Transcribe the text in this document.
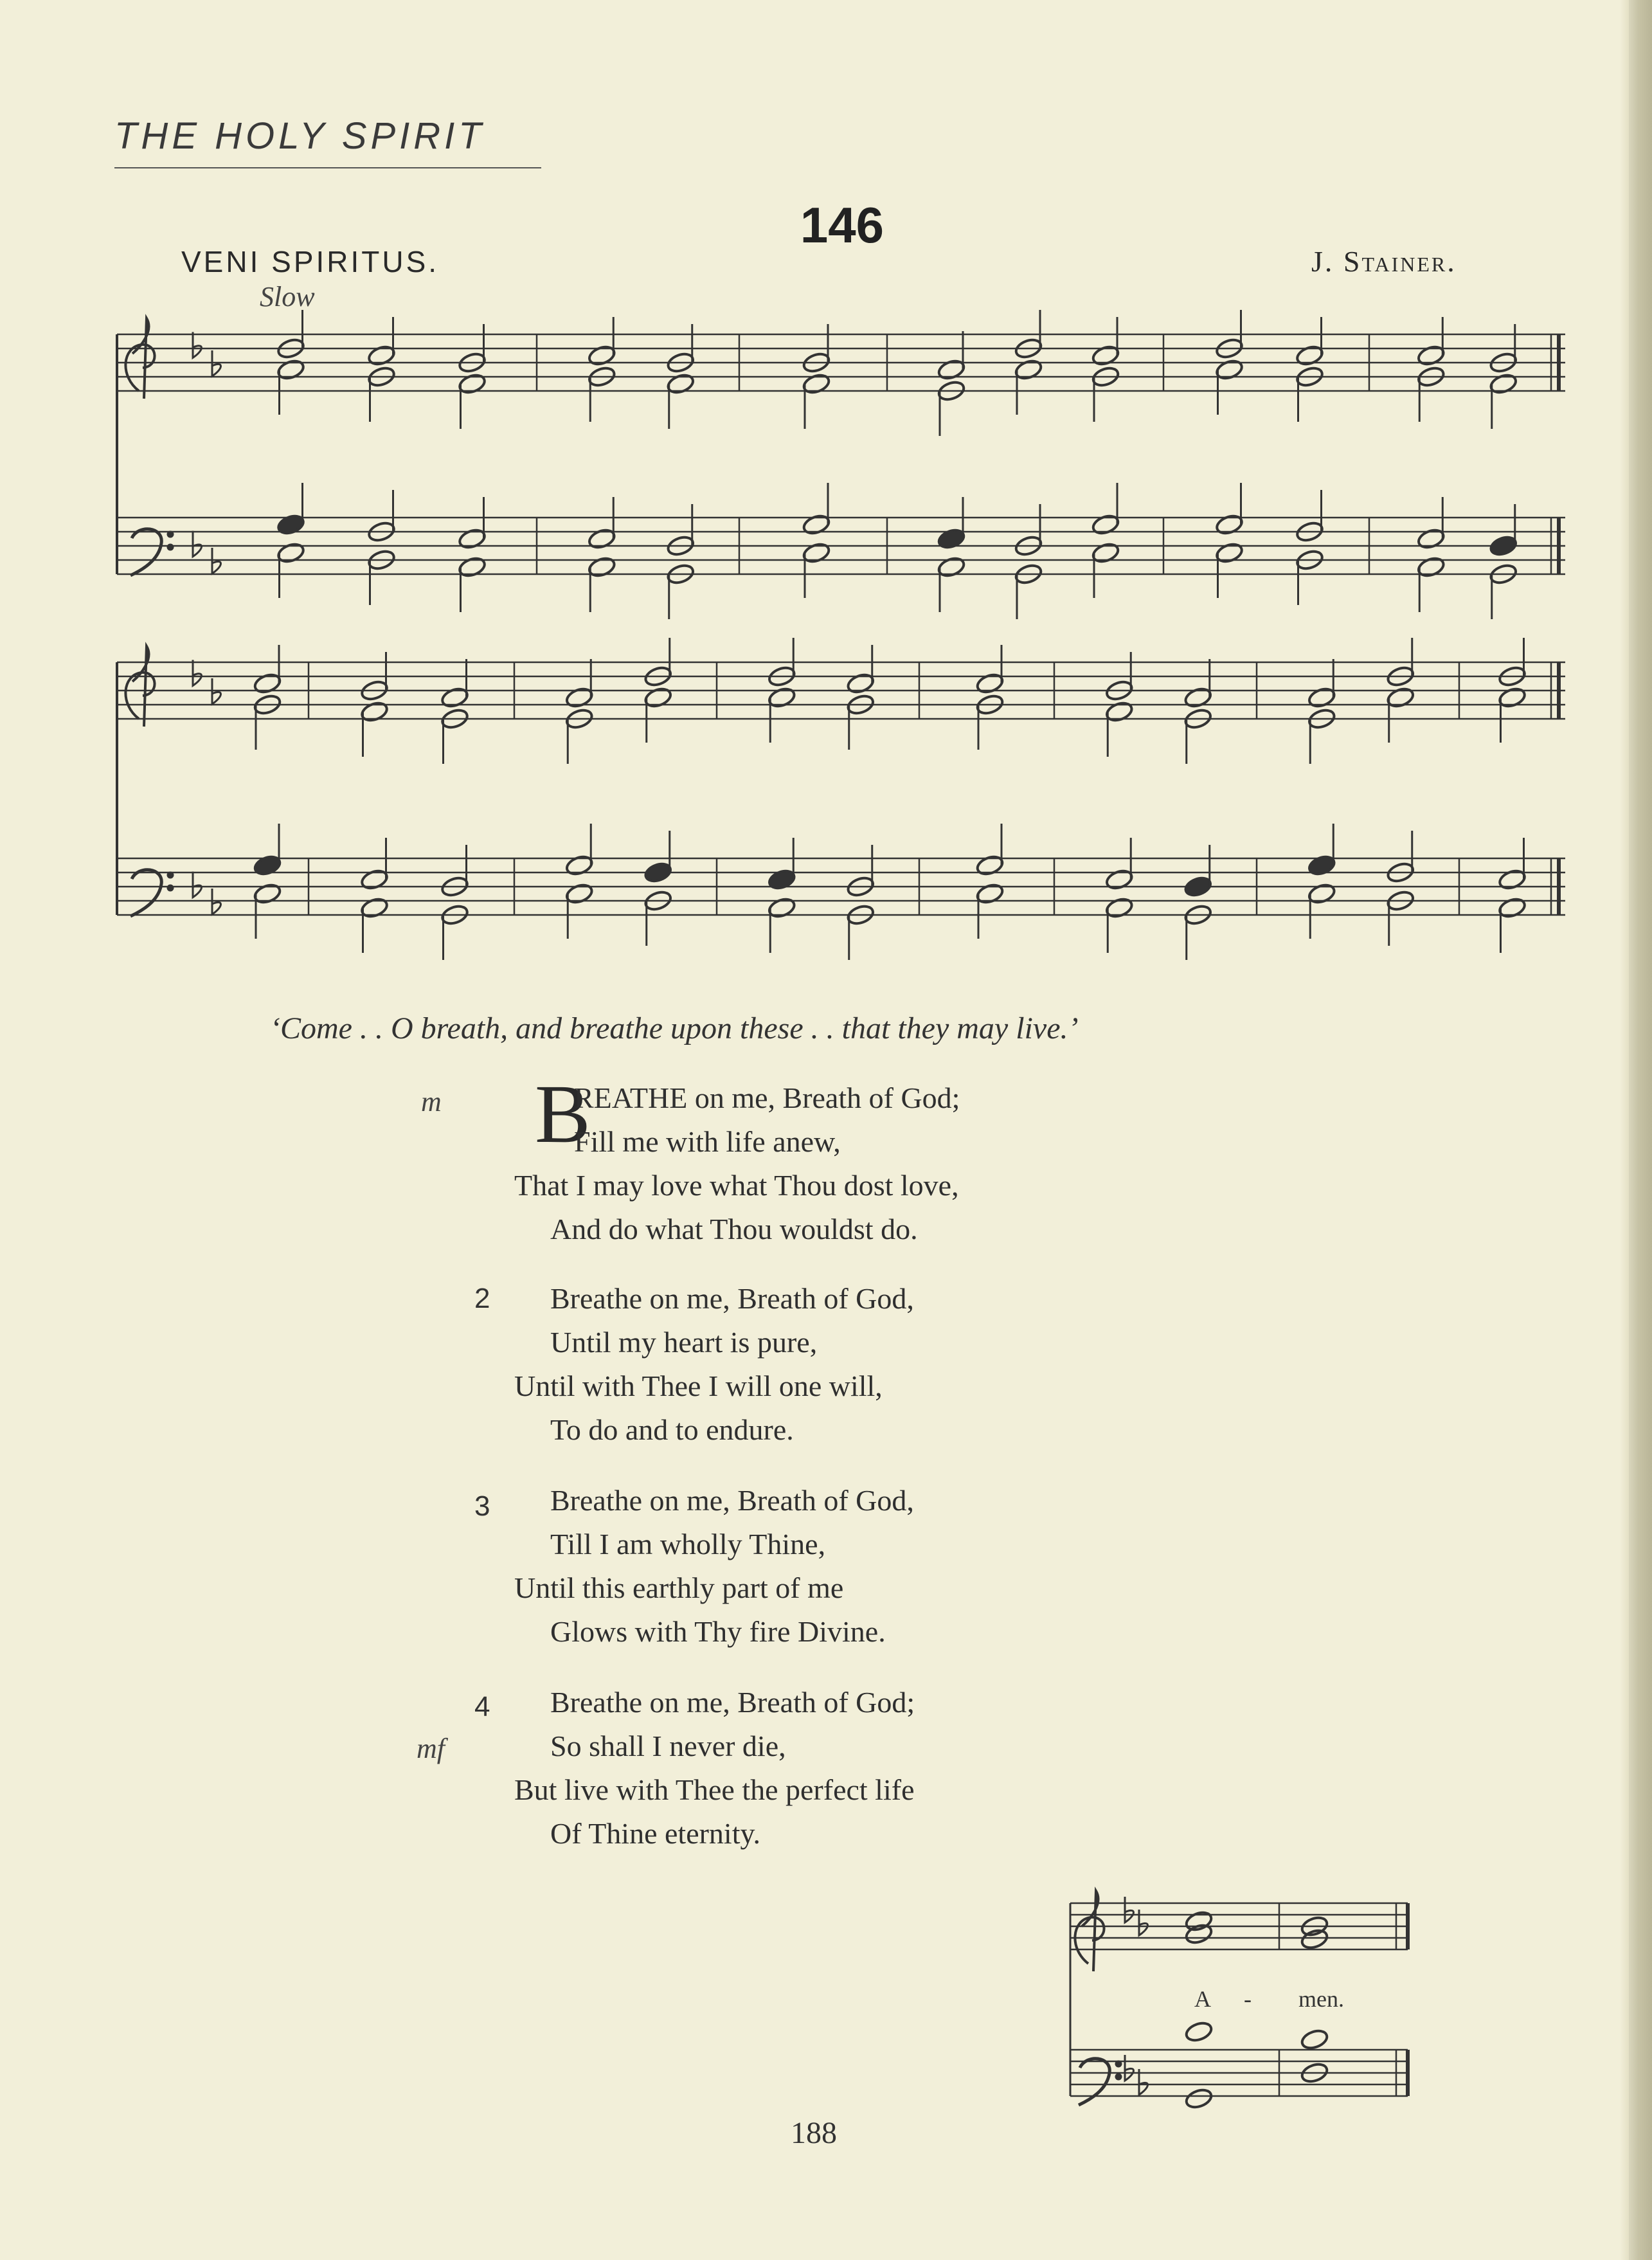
THE HOLY SPIRIT
146
VENI SPIRITUS.
Slow
J. Stainer.
‘Come . . O breath, and breathe upon these . . that they may live.’
m B
REATHE on me, Breath of God;
Fill me with life anew,
That I may love what Thou dost love,
And do what Thou wouldst do.
2	Breathe on me, Breath of God,
Until my heart is pure,
Until with Thee I will one will,
To do and to endure.
3	Breathe on me, Breath of God,
Till I am wholly Thine,
Until this earthly part of me
Glows with Thy fire Divine.
4
mf
Breathe on me, Breath of God;
So shall I never die,
But live with Thee the perfect life
Of Thine eternity.
A - men.
188
